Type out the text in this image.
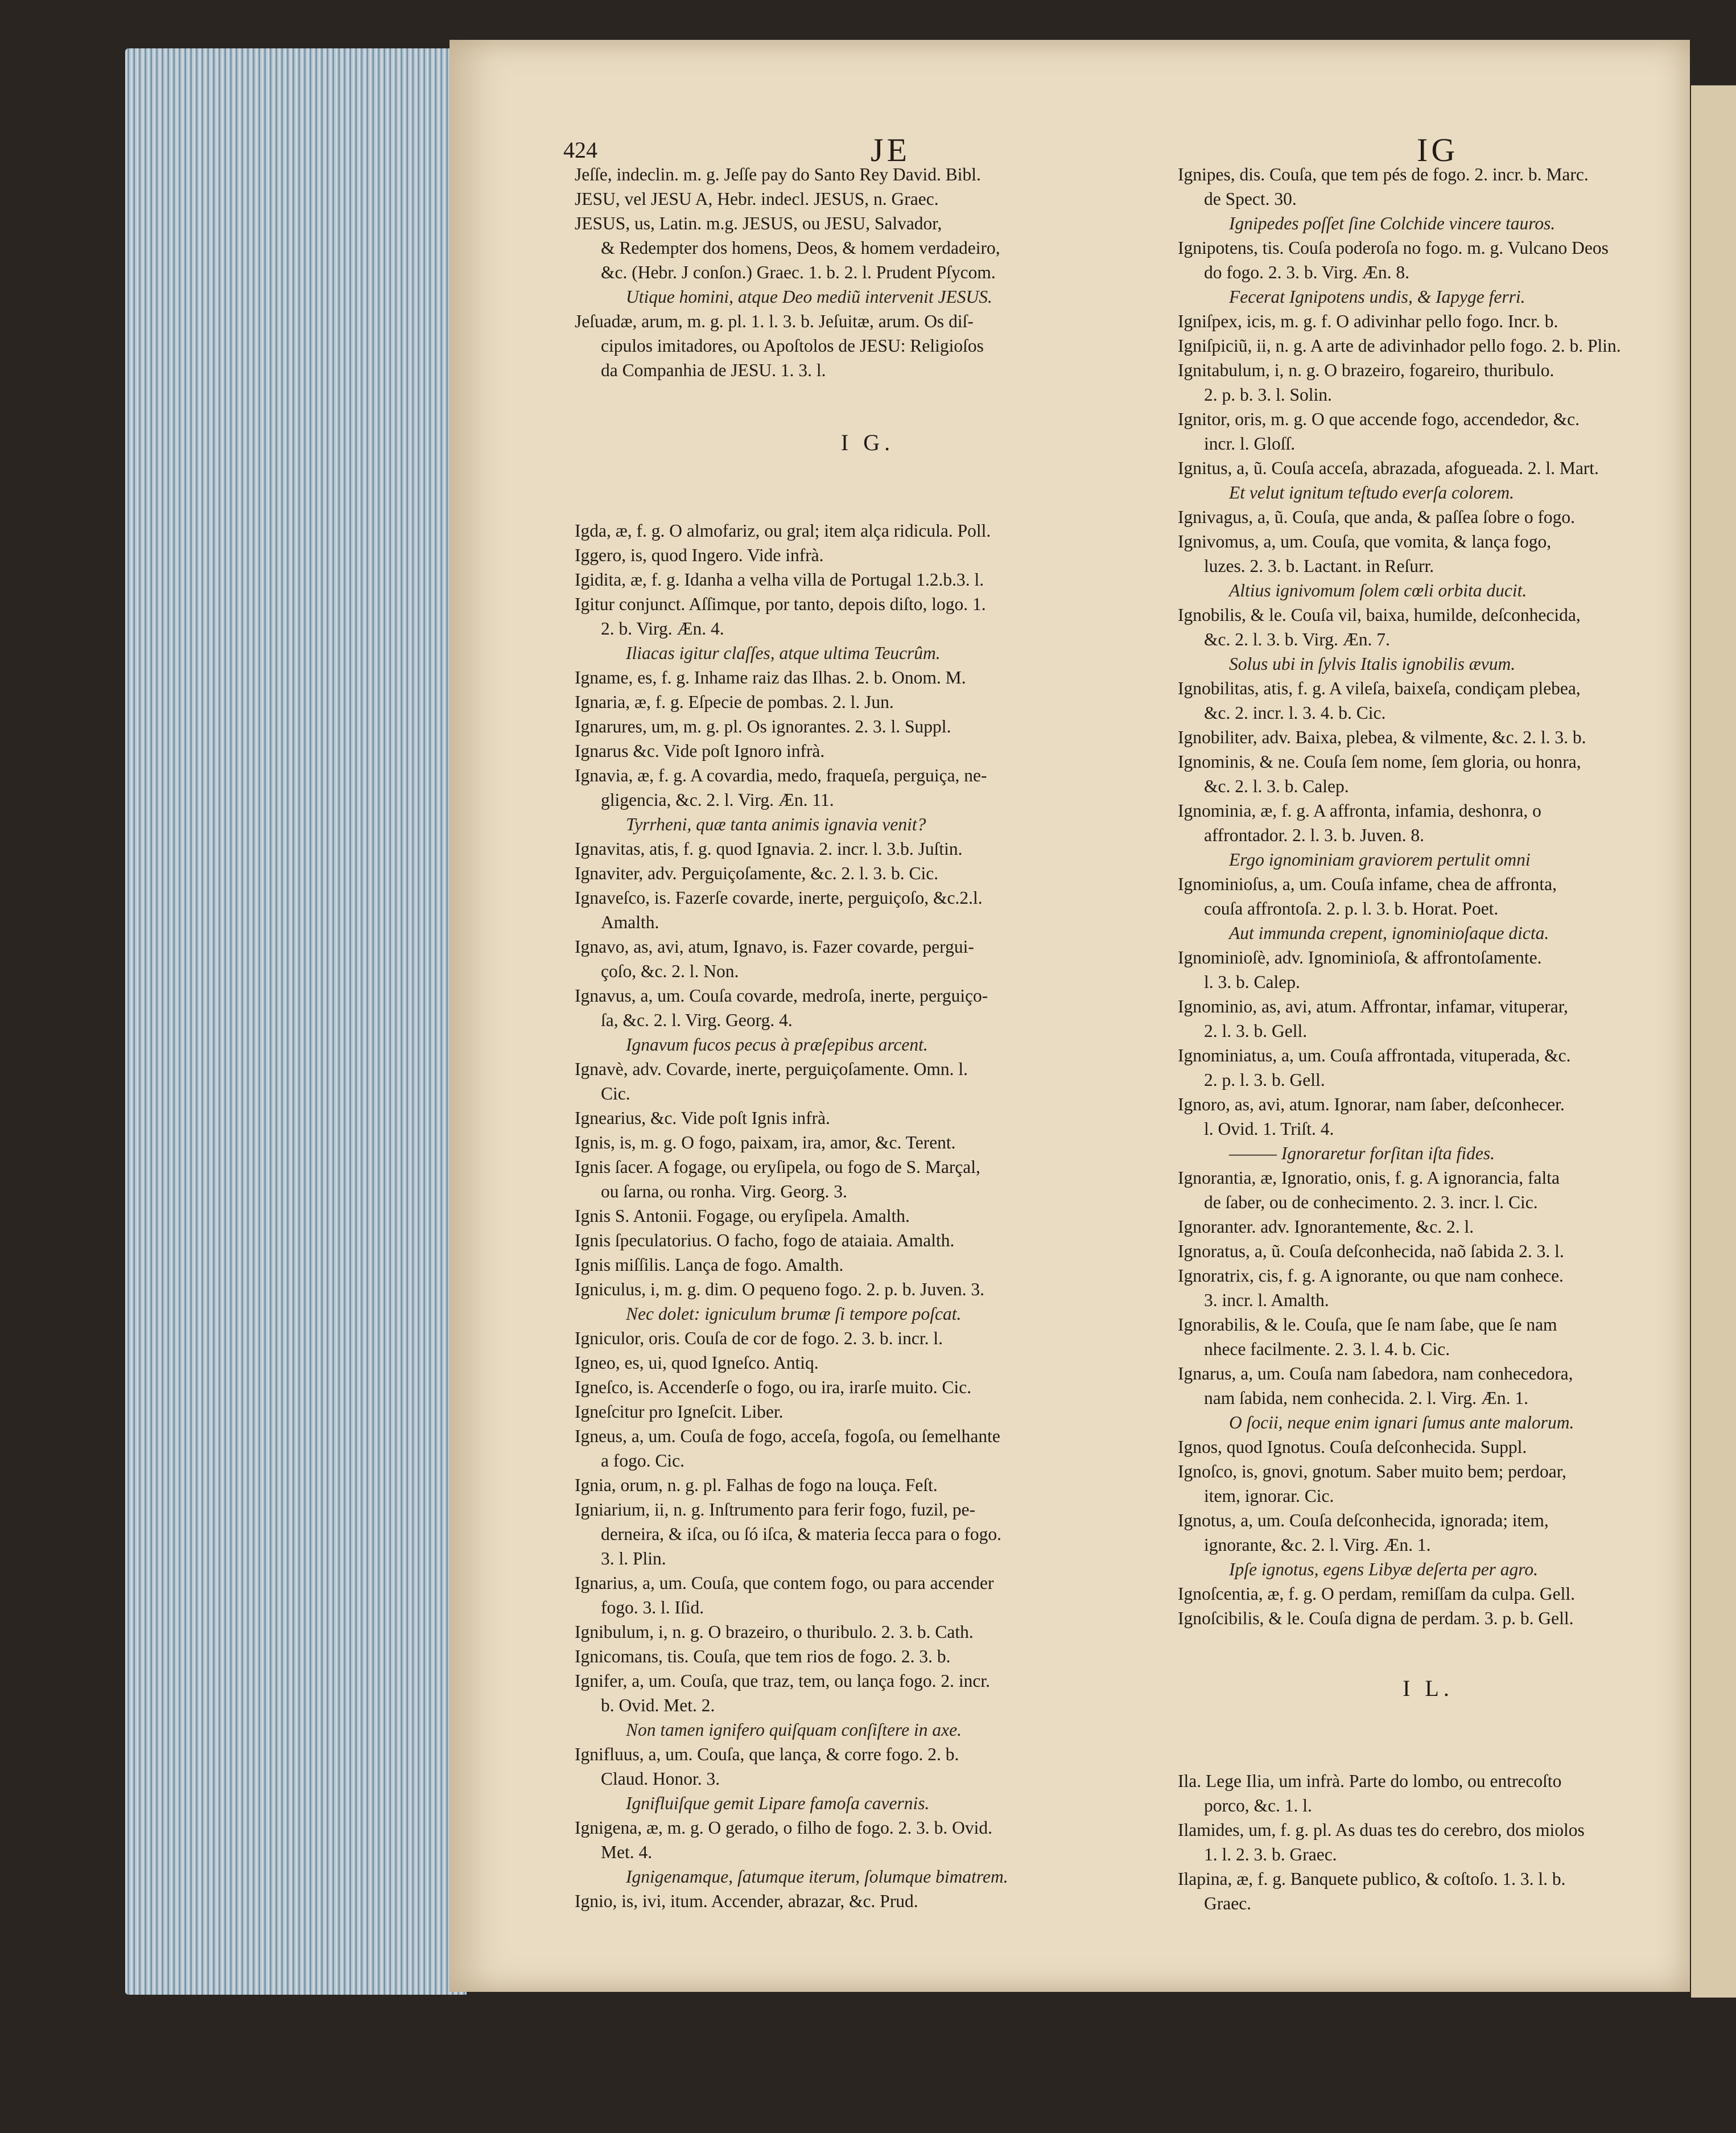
424	JE	IG
Jeſſe, indeclin. m. g. Jeſſe pay do Santo Rey David. Bibl.
JESU, vel JESU A, Hebr. indecl. JESUS, n. Graec.
JESUS, us, Latin. m.g. JESUS, ou JESU, Salvador,
& Redempter dos homens, Deos, & homem verdadeiro,
&c. (Hebr. J conſon.) Graec. 1. b. 2. l. Prudent Pſycom.
Utique homini, atque Deo mediũ intervenit JESUS.
* Jeſuadæ, arum, m. g. pl. 1. l. 3. b. Jeſuitæ, arum. Os diſ-
cipulos imitadores, ou Apoſtolos de JESU: Religioſos
da Companhia de JESU. 1. 3. l.
I G.
* Igda, æ, f. g. O almofariz, ou gral; item alça ridicula. Poll.
* Iggero, is, quod Ingero. Vide infrà.
Igidita, æ, f. g. Idanha a velha villa de Portugal 1.2.b.3. l.
Igitur conjunct. Aſſimque, por tanto, depois diſto, logo. 1.
2. b. Virg. Æn. 4.
Iliacas igitur claſſes, atque ultima Teucrûm.
* Igname, es, f. g. Inhame raiz das Ilhas. 2. b. Onom. M.
* Ignaria, æ, f. g. Eſpecie de pombas. 2. l. Jun.
* Ignarures, um, m. g. pl. Os ignorantes. 2. 3. l. Suppl.
Ignarus &c. Vide poſt Ignoro infrà.
Ignavia, æ, f. g. A covardia, medo, fraqueſa, perguiça, ne-
gligencia, &c. 2. l. Virg. Æn. 11.
Tyrrheni, quæ tanta animis ignavia venit?
* Ignavitas, atis, f. g. quod Ignavia. 2. incr. l. 3.b. Juſtin.
Ignaviter, adv. Perguiçoſamente, &c. 2. l. 3. b. Cic.
* Ignaveſco, is. Fazerſe covarde, inerte, perguiçoſo, &c.2.l.
Amalth.
* Ignavo, as, avi, atum, Ignavo, is. Fazer covarde, pergui-
çoſo, &c. 2. l. Non.
Ignavus, a, um. Couſa covarde, medroſa, inerte, perguiço-
ſa, &c. 2. l. Virg. Georg. 4.
Ignavum fucos pecus à præſepibus arcent.
Ignavè, adv. Covarde, inerte, perguiçoſamente. Omn. l.
Cic.
Ignearius, &c. Vide poſt Ignis infrà.
Ignis, is, m. g. O fogo, paixam, ira, amor, &c. Terent.
Ignis ſacer. A fogage, ou eryſipela, ou fogo de S. Marçal,
ou ſarna, ou ronha. Virg. Georg. 3.
Ignis S. Antonii. Fogage, ou eryſipela. Amalth.
Ignis ſpeculatorius. O facho, fogo de ataiaia. Amalth.
Ignis miſſilis. Lança de fogo. Amalth.
Igniculus, i, m. g. dim. O pequeno fogo. 2. p. b. Juven. 3.
Nec dolet: igniculum brumæ ſi tempore poſcat.
* Igniculor, oris. Couſa de cor de fogo. 2. 3. b. incr. l.
* Igneo, es, ui, quod Igneſco. Antiq.
Igneſco, is. Accenderſe o fogo, ou ira, irarſe muito. Cic.
* Igneſcitur pro Igneſcit. Liber.
Igneus, a, um. Couſa de fogo, acceſa, fogoſa, ou ſemelhante
a fogo. Cic.
* Ignia, orum, n. g. pl. Falhas de fogo na louça. Feſt.
Igniarium, ii, n. g. Inſtrumento para ferir fogo, fuzil, pe-
derneira, & iſca, ou ſó iſca, & materia ſecca para o fogo.
3. l. Plin.
Ignarius, a, um. Couſa, que contem fogo, ou para accender
fogo. 3. l. Iſid.
* Ignibulum, i, n. g. O brazeiro, o thuribulo. 2. 3. b. Cath.
* Ignicomans, tis. Couſa, que tem rios de fogo. 2. 3. b.
Ignifer, a, um. Couſa, que traz, tem, ou lança fogo. 2. incr.
b. Ovid. Met. 2.
Non tamen ignifero quiſquam conſiſtere in axe.
Ignifluus, a, um. Couſa, que lança, & corre fogo. 2. b.
Claud. Honor. 3.
Ignifluiſque gemit Lipare famoſa cavernis.
Ignigena, æ, m. g. O gerado, o filho de fogo. 2. 3. b. Ovid.
Met. 4.
Ignigenamque, ſatumque iterum, ſolumque bimatrem.
* Ignio, is, ivi, itum. Accender, abrazar, &c. Prud.
Ignipes, dis. Couſa, que tem pés de fogo. 2. incr. b. Marc.
de Spect. 30.
Ignipedes poſſet ſine Colchide vincere tauros.
Ignipotens, tis. Couſa poderoſa no fogo. m. g. Vulcano Deos
do fogo. 2. 3. b. Virg. Æn. 8.
Fecerat Ignipotens undis, & Iapyge ferri.
* Igniſpex, icis, m. g. f. O adivinhar pello fogo. Incr. b.
* Igniſpiciũ, ii, n. g. A arte de adivinhador pello fogo. 2. b. Plin.
* Ignitabulum, i, n. g. O brazeiro, fogareiro, thuribulo.
2. p. b. 3. l. Solin.
* Ignitor, oris, m. g. O que accende fogo, accendedor, &c.
incr. l. Gloſſ.
Ignitus, a, ũ. Couſa acceſa, abrazada, afogueada. 2. l. Mart.
Et velut ignitum teſtudo everſa colorem.
* Ignivagus, a, ũ. Couſa, que anda, & paſſea ſobre o fogo.
* Ignivomus, a, um. Couſa, que vomita, & lança fogo,
luzes. 2. 3. b. Lactant. in Reſurr.
Altius ignivomum ſolem cœli orbita ducit.
Ignobilis, & le. Couſa vil, baixa, humilde, deſconhecida,
&c. 2. l. 3. b. Virg. Æn. 7.
Solus ubi in ſylvis Italis ignobilis ævum.
Ignobilitas, atis, f. g. A vileſa, baixeſa, condiçam plebea,
&c. 2. incr. l. 3. 4. b. Cic.
* Ignobiliter, adv. Baixa, plebea, & vilmente, &c. 2. l. 3. b.
* Ignominis, & ne. Couſa ſem nome, ſem gloria, ou honra,
&c. 2. l. 3. b. Calep.
Ignominia, æ, f. g. A affronta, infamia, deshonra, o
affrontador. 2. l. 3. b. Juven. 8.
Ergo ignominiam graviorem pertulit omni
Ignominioſus, a, um. Couſa infame, chea de affronta,
couſa affrontoſa. 2. p. l. 3. b. Horat. Poet.
Aut immunda crepent, ignominioſaque dicta.
* Ignominioſè, adv. Ignominioſa, & affrontoſamente.
l. 3. b. Calep.
* Ignominio, as, avi, atum. Affrontar, infamar, vituperar,
2. l. 3. b. Gell.
* Ignominiatus, a, um. Couſa affrontada, vituperada, &c.
2. p. l. 3. b. Gell.
Ignoro, as, avi, atum. Ignorar, nam ſaber, deſconhecer.
l. Ovid. 1. Triſt. 4.
——— Ignoraretur forſitan iſta fides.
Ignorantia, æ, Ignoratio, onis, f. g. A ignorancia, falta
de ſaber, ou de conhecimento. 2. 3. incr. l. Cic.
* Ignoranter. adv. Ignorantemente, &c. 2. l.
* Ignoratus, a, ũ. Couſa deſconhecida, naõ ſabida 2. 3. l.
* Ignoratrix, cis, f. g. A ignorante, ou que nam conhece.
3. incr. l. Amalth.
* Ignorabilis, & le. Couſa, que ſe nam ſabe, que ſe nam
nhece facilmente. 2. 3. l. 4. b. Cic.
Ignarus, a, um. Couſa nam ſabedora, nam conhecedora,
nam ſabida, nem conhecida. 2. l. Virg. Æn. 1.
O ſocii, neque enim ignari ſumus ante malorum.
* Ignos, quod Ignotus. Couſa deſconhecida. Suppl.
* Ignoſco, is, gnovi, gnotum. Saber muito bem; perdoar,
item, ignorar. Cic.
Ignotus, a, um. Couſa deſconhecida, ignorada; item,
ignorante, &c. 2. l. Virg. Æn. 1.
Ipſe ignotus, egens Libyæ deſerta per agro.
* Ignoſcentia, æ, f. g. O perdam, remiſſam da culpa. Gell.
* Ignoſcibilis, & le. Couſa digna de perdam. 3. p. b. Gell.
I L.
* Ila. Lege Ilia, um infrà. Parte do lombo, ou entrecoſto
porco, &c. 1. l.
* Ilamides, um, f. g. pl. As duas tes do cerebro, dos miolos
1. l. 2. 3. b. Graec.
* Ilapina, æ, f. g. Banquete publico, & coſtoſo. 1. 3. l. b.
Graec.
